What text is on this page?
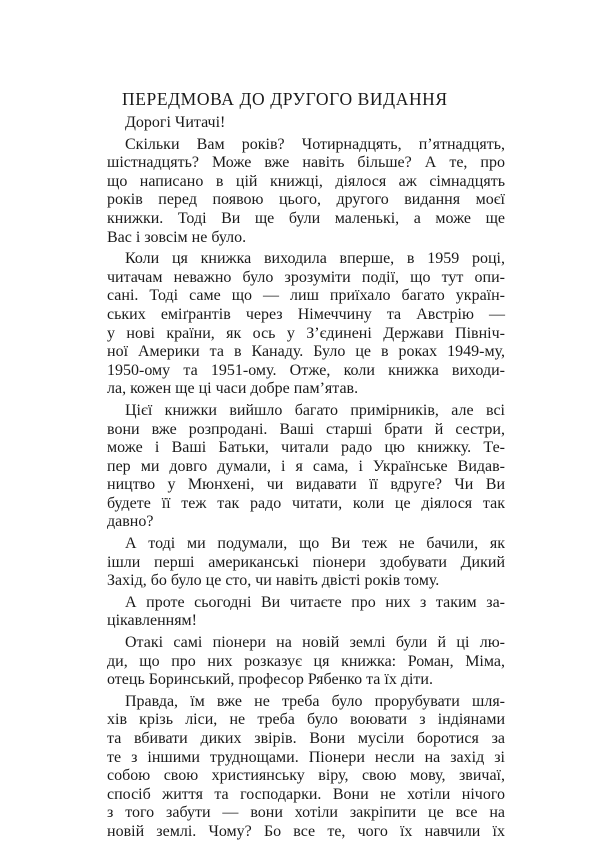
ПЕРЕДМОВА ДО ДРУГОГО ВИДАННЯ
Дорогі Читачі!
Скільки Вам років? Чотирнадцять, п’ятнадцять,
шістнадцять? Може вже навіть більше? А те, про
що написано в цій книжці, діялося аж сімнадцять
років перед появою цього, другого видання моєї
книжки. Тоді Ви ще були маленькі, а може ще
Вас і зовсім не було.
Коли ця книжка виходила вперше, в 1959 році,
читачам неважно було зрозуміти події, що тут опи-
сані. Тоді саме що — лиш приїхало багато україн-
ських еміґрантів через Німеччину та Австрію —
у нові країни, як ось у З’єдинені Держави Північ-
ної Америки та в Канаду. Було це в роках 1949-му,
1950-ому та 1951-ому. Отже, коли книжка виходи-
ла, кожен ще ці часи добре пам’ятав.
Цієї книжки вийшло багато примірників, але всі
вони вже розпродані. Ваші старші брати й сестри,
може і Ваші Батьки, читали радо цю книжку. Те-
пер ми довго думали, і я сама, і Українське Видав-
ництво у Мюнхені, чи видавати її вдруге? Чи Ви
будете її теж так радо читати, коли це діялося так
давно?
А тоді ми подумали, що Ви теж не бачили, як
ішли перші американські піонери здобувати Дикий
Захід, бо було це сто, чи навіть двісті років тому.
А проте сьогодні Ви читаєте про них з таким за-
цікавленням!
Отакі самі піонери на новій землі були й ці лю-
ди, що про них розказує ця книжка: Роман, Міма,
отець Боринський, професор Рябенко та їх діти.
Правда, їм вже не треба було прорубувати шля-
хів крізь ліси, не треба було воювати з індіянами
та вбивати диких звірів. Вони мусіли боротися за
те з іншими труднощами. Піонери несли на захід зі
собою свою християнську віру, свою мову, звичаї,
спосіб життя та господарки. Вони не хотіли нічого
з того забути — вони хотіли закріпити це все на
новій землі. Чому? Бо все те, чого їх навчили їх
